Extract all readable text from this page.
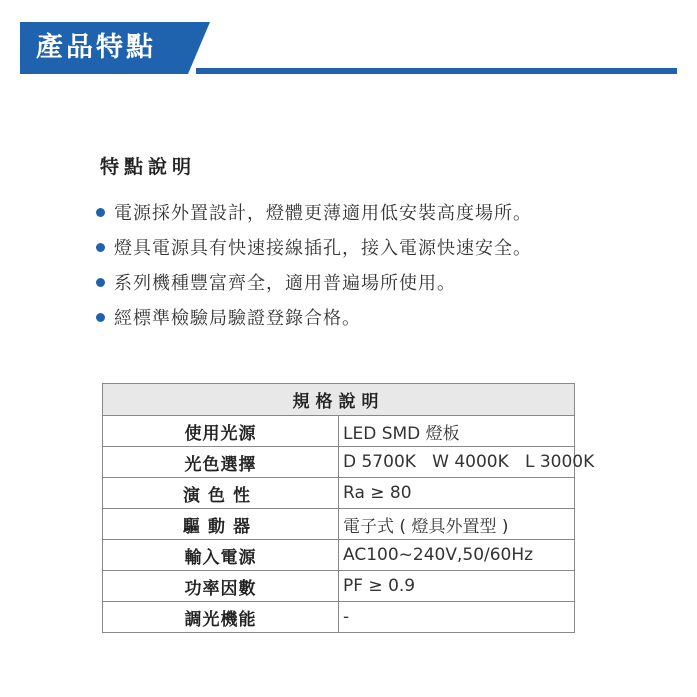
產品特點
特點說明
電源採外置設計，燈體更薄適用低安裝高度場所。
燈具電源具有快速接線插孔，接入電源快速安全。
系列機種豐富齊全，適用普遍場所使用。
經標準檢驗局驗證登錄合格。
規格說明	
使用光源	LED SMD 燈板
光色選擇	D 5700K   W 4000K   L 3000K
演色性	Ra ≥ 80
驅動器	電子式 ( 燈具外置型 )
輸入電源	AC100~240V,50/60Hz
功率因數	PF ≥ 0.9
調光機能	-
